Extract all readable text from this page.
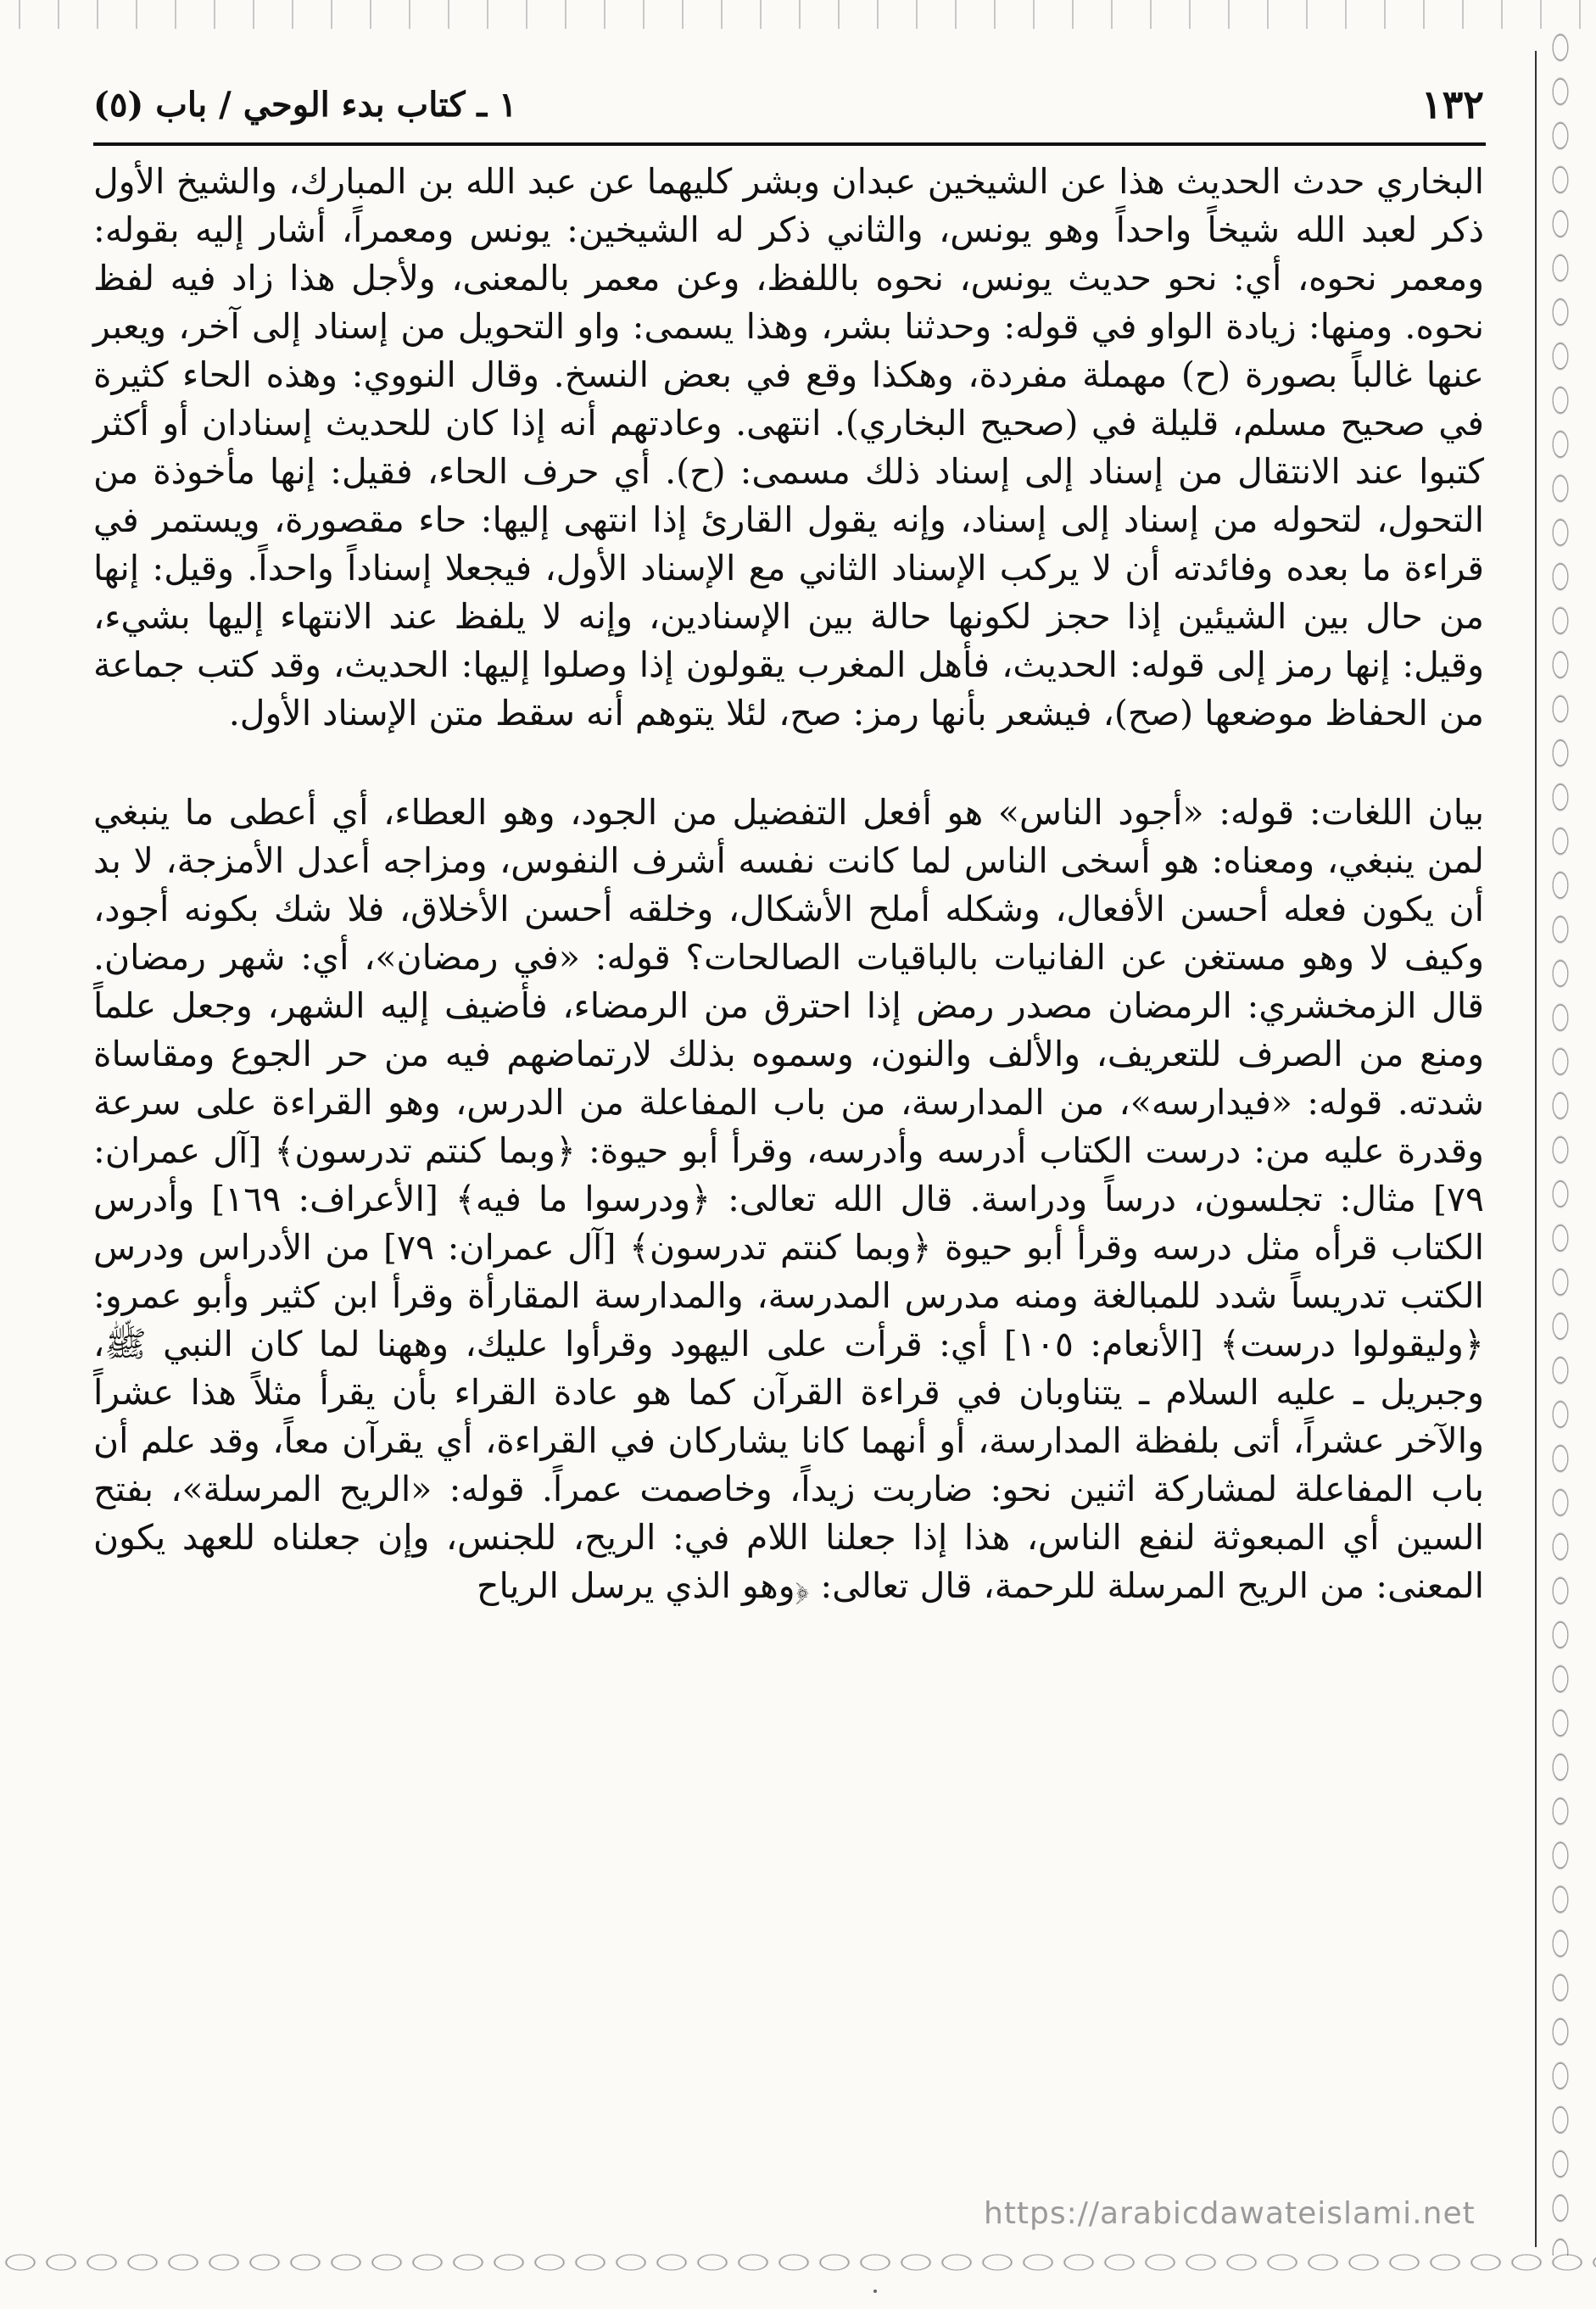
١٣٢
١ ـ كتاب بدء الوحي / باب (٥)

البخاري حدث الحديث هذا عن الشيخين عبدان وبشر كليهما عن عبد الله بن المبارك، والشيخ الأول ذكر لعبد الله شيخاً واحداً وهو يونس، والثاني ذكر له الشيخين: يونس ومعمراً، أشار إليه بقوله: ومعمر نحوه، أي: نحو حديث يونس، نحوه باللفظ، وعن معمر بالمعنى، ولأجل هذا زاد فيه لفظ نحوه. ومنها: زيادة الواو في قوله: وحدثنا بشر، وهذا يسمى: واو التحويل من إسناد إلى آخر، ويعبر عنها غالباً بصورة (ح) مهملة مفردة، وهكذا وقع في بعض النسخ. وقال النووي: وهذه الحاء كثيرة في صحيح مسلم، قليلة في (صحيح البخاري). انتهى. وعادتهم أنه إذا كان للحديث إسنادان أو أكثر كتبوا عند الانتقال من إسناد إلى إسناد ذلك مسمى: (ح). أي حرف الحاء، فقيل: إنها مأخوذة من التحول، لتحوله من إسناد إلى إسناد، وإنه يقول القارئ إذا انتهى إليها: حاء مقصورة، ويستمر في قراءة ما بعده وفائدته أن لا يركب الإسناد الثاني مع الإسناد الأول، فيجعلا إسناداً واحداً. وقيل: إنها من حال بين الشيئين إذا حجز لكونها حالة بين الإسنادين، وإنه لا يلفظ عند الانتهاء إليها بشيء، وقيل: إنها رمز إلى قوله: الحديث، فأهل المغرب يقولون إذا وصلوا إليها: الحديث، وقد كتب جماعة من الحفاظ موضعها (صح)، فيشعر بأنها رمز: صح، لئلا يتوهم أنه سقط متن الإسناد الأول.

بيان اللغات: قوله: «أجود الناس» هو أفعل التفضيل من الجود، وهو العطاء، أي أعطى ما ينبغي لمن ينبغي، ومعناه: هو أسخى الناس لما كانت نفسه أشرف النفوس، ومزاجه أعدل الأمزجة، لا بد أن يكون فعله أحسن الأفعال، وشكله أملح الأشكال، وخلقه أحسن الأخلاق، فلا شك بكونه أجود، وكيف لا وهو مستغن عن الفانيات بالباقيات الصالحات؟ قوله: «في رمضان»، أي: شهر رمضان. قال الزمخشري: الرمضان مصدر رمض إذا احترق من الرمضاء، فأضيف إليه الشهر، وجعل علماً ومنع من الصرف للتعريف، والألف والنون، وسموه بذلك لارتماضهم فيه من حر الجوع ومقاساة شدته. قوله: «فيدارسه»، من المدارسة، من باب المفاعلة من الدرس، وهو القراءة على سرعة وقدرة عليه من: درست الكتاب أدرسه وأدرسه، وقرأ أبو حيوة: ﴿وبما كنتم تدرسون﴾ [آل عمران: ٧٩] مثال: تجلسون، درساً ودراسة. قال الله تعالى: ﴿ودرسوا ما فيه﴾ [الأعراف: ١٦٩] وأدرس الكتاب قرأه مثل درسه وقرأ أبو حيوة ﴿وبما كنتم تدرسون﴾ [آل عمران: ٧٩] من الأدراس ودرس الكتب تدريساً شدد للمبالغة ومنه مدرس المدرسة، والمدارسة المقارأة وقرأ ابن كثير وأبو عمرو: ﴿وليقولوا درست﴾ [الأنعام: ١٠٥] أي: قرأت على اليهود وقرأوا عليك، وههنا لما كان النبي ﷺ، وجبريل ـ عليه السلام ـ يتناوبان في قراءة القرآن كما هو عادة القراء بأن يقرأ مثلاً هذا عشراً والآخر عشراً، أتى بلفظة المدارسة، أو أنهما كانا يشاركان في القراءة، أي يقرآن معاً، وقد علم أن باب المفاعلة لمشاركة اثنين نحو: ضاربت زيداً، وخاصمت عمراً. قوله: «الريح المرسلة»، بفتح السين أي المبعوثة لنفع الناس، هذا إذا جعلنا اللام في: الريح، للجنس، وإن جعلناه للعهد يكون المعنى: من الريح المرسلة للرحمة، قال تعالى: ﴿وهو الذي يرسل الرياح

https://arabicdawateislami.net
